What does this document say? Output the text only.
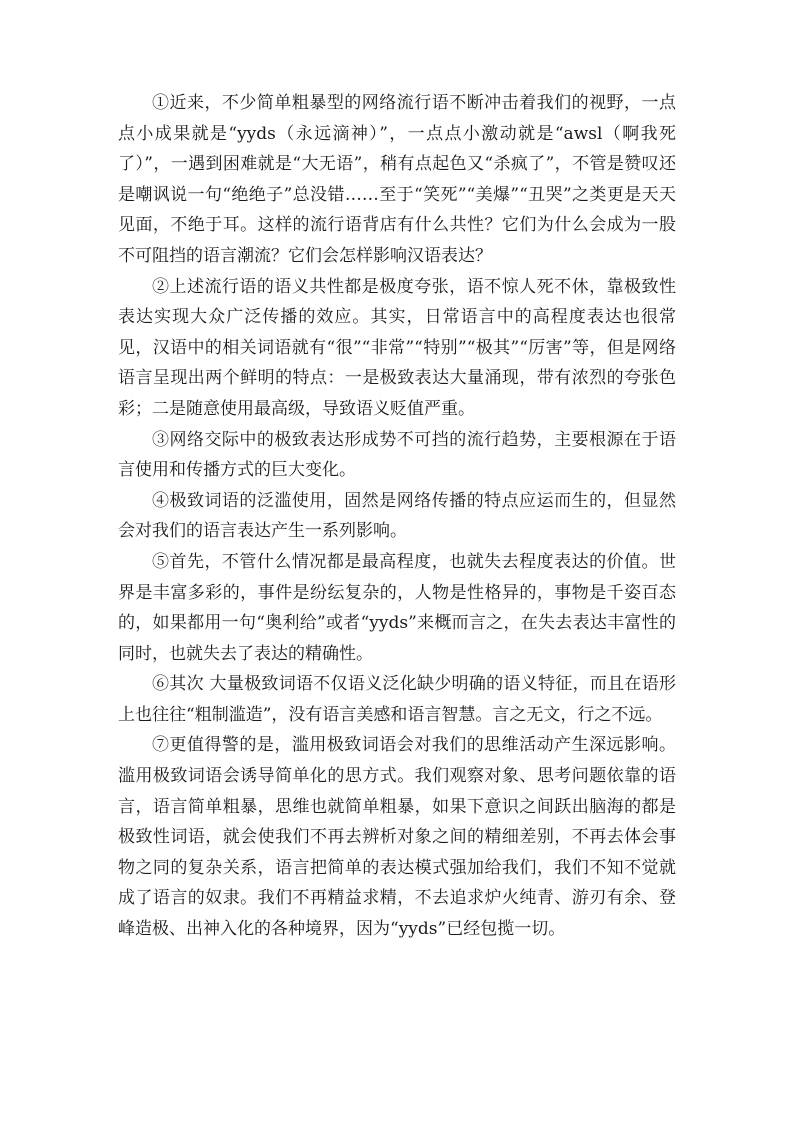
①近来，不少简单粗暴型的网络流行语不断冲击着我们的视野，一点点小成果就是“yyds（永远滴神）”，一点点小激动就是“awsl（啊我死了）”，一遇到困难就是“大无语”，稍有点起色又“杀疯了”，不管是赞叹还是嘲讽说一句“绝绝子”总没错……至于“笑死”“美爆”“丑哭”之类更是天天见面，不绝于耳。这样的流行语背店有什么共性？它们为什么会成为一股不可阻挡的语言潮流？它们会怎样影响汉语表达？

②上述流行语的语义共性都是极度夸张，语不惊人死不休，靠极致性表达实现大众广泛传播的效应。其实，日常语言中的高程度表达也很常见，汉语中的相关词语就有“很”“非常”“特别”“极其”“厉害”等，但是网络语言呈现出两个鲜明的特点：一是极致表达大量涌现，带有浓烈的夸张色彩；二是随意使用最高级，导致语义贬值严重。

③网络交际中的极致表达形成势不可挡的流行趋势，主要根源在于语言使用和传播方式的巨大变化。

④极致词语的泛滥使用，固然是网络传播的特点应运而生的，但显然会对我们的语言表达产生一系列影响。

⑤首先，不管什么情况都是最高程度，也就失去程度表达的价值。世界是丰富多彩的，事件是纷纭复杂的，人物是性格异的，事物是千姿百态的，如果都用一句“奥利给”或者“yyds”来概而言之，在失去表达丰富性的同时，也就失去了表达的精确性。

⑥其次 大量极致词语不仅语义泛化缺少明确的语义特征，而且在语形上也往往“粗制滥造”，没有语言美感和语言智慧。言之无文，行之不远。

⑦更值得警的是，滥用极致词语会对我们的思维活动产生深远影响。滥用极致词语会诱导简单化的思方式。我们观察对象、思考问题依靠的语言，语言简单粗暴，思维也就简单粗暴，如果下意识之间跃出脑海的都是极致性词语，就会使我们不再去辨析对象之间的精细差别，不再去体会事物之同的复杂关系，语言把简单的表达模式强加给我们，我们不知不觉就成了语言的奴隶。我们不再精益求精，不去追求炉火纯青、游刃有余、登峰造极、出神入化的各种境界，因为“yyds”已经包揽一切。
